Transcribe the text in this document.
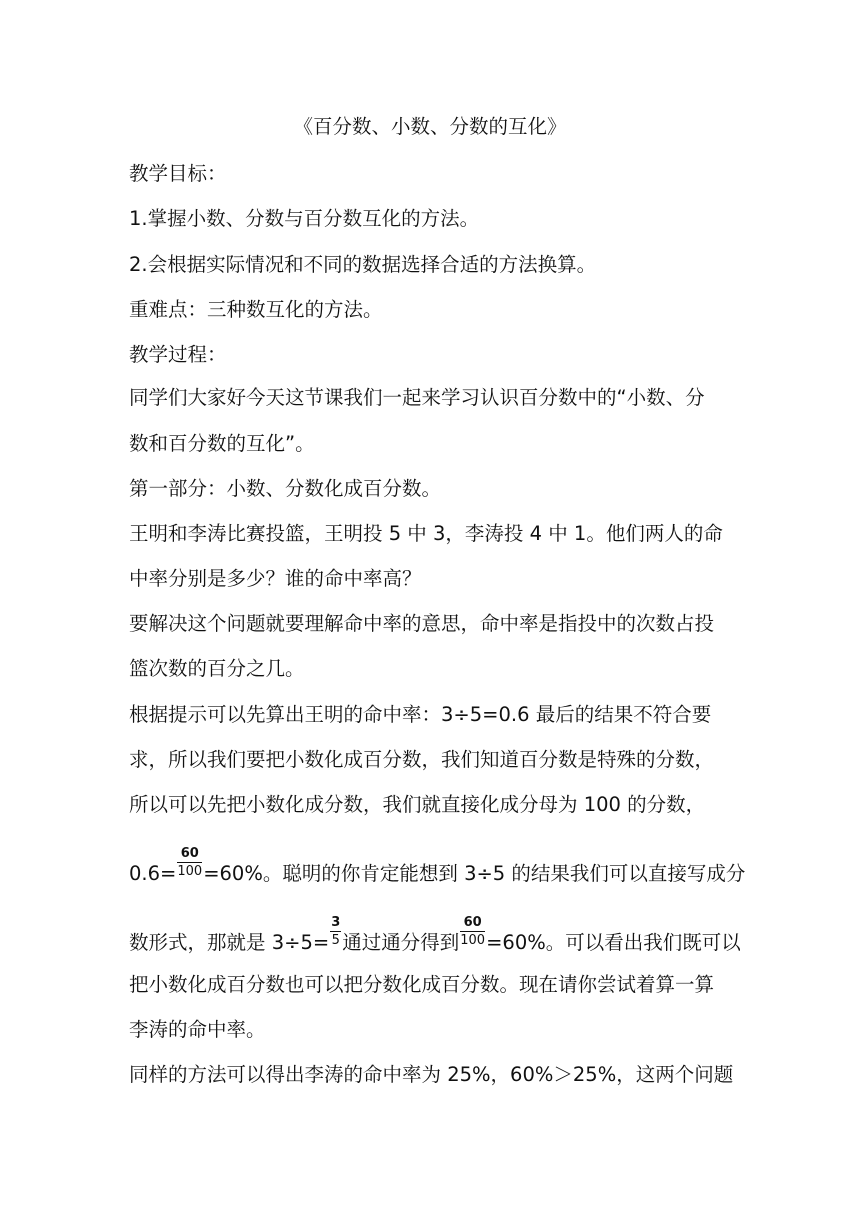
《百分数、小数、分数的互化》
教学目标：
1.掌握小数、分数与百分数互化的方法。
2.会根据实际情况和不同的数据选择合适的方法换算。
重难点：三种数互化的方法。
教学过程：
同学们大家好今天这节课我们一起来学习认识百分数中的“小数、分
数和百分数的互化”。
第一部分：小数、分数化成百分数。
王明和李涛比赛投篮，王明投 5 中 3，李涛投 4 中 1。他们两人的命
中率分别是多少？谁的命中率高？
要解决这个问题就要理解命中率的意思，命中率是指投中的次数占投
篮次数的百分之几。
根据提示可以先算出王明的命中率：3÷5=0.6 最后的结果不符合要
求，所以我们要把小数化成百分数，我们知道百分数是特殊的分数，
所以可以先把小数化成分数，我们就直接化成分母为 100 的分数，
$0.6= \frac{60}{100} =60\%$。聪明的你肯定能想到 3÷5 的结果我们可以直接写成分
数形式，那就是 $3\div 5= \frac{3}{5}$ 通过通分得到 $\frac{60}{100} =60\%$。可以看出我们既可以
把小数化成百分数也可以把分数化成百分数。现在请你尝试着算一算
李涛的命中率。
同样的方法可以得出李涛的命中率为 25%，60%＞25%，这两个问题
